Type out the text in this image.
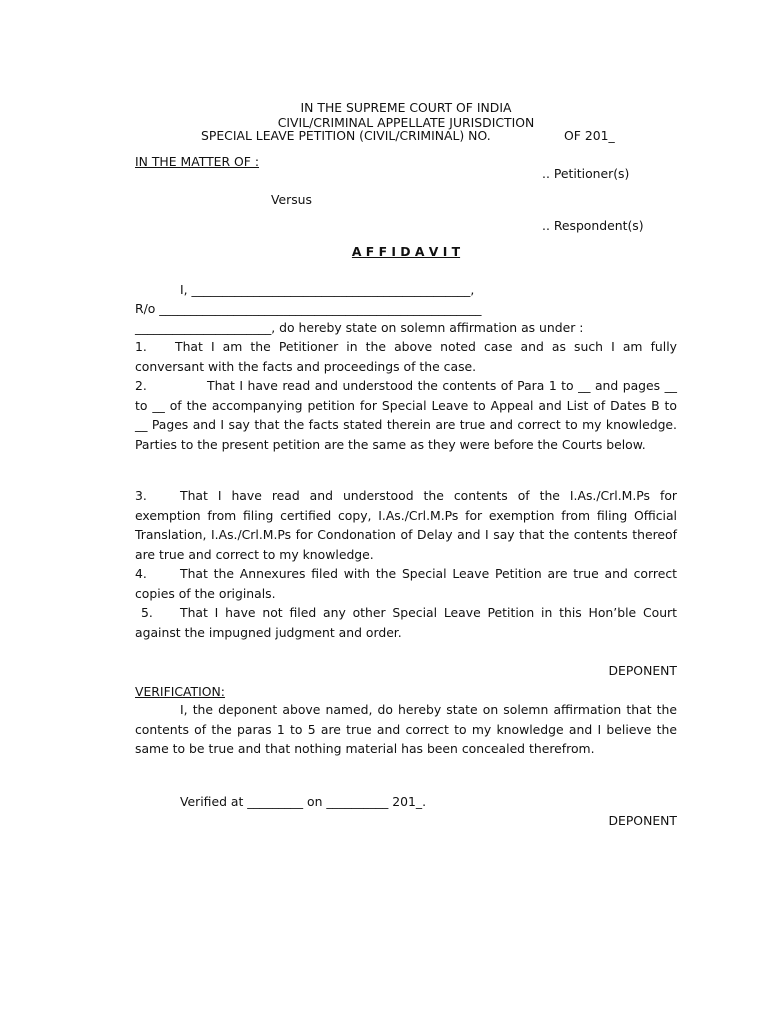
IN THE SUPREME COURT OF INDIA
CIVIL/CRIMINAL APPELLATE JURISDICTION
SPECIAL LEAVE PETITION (CIVIL/CRIMINAL) NO.	OF 201_
IN THE MATTER OF :
.. Petitioner(s)
Versus
.. Respondent(s)
A F F I D A V I T
I, _____________________________________________,
R/o ____________________________________________________
______________________, do hereby state on solemn affirmation as under :
1. That I am the Petitioner in the above noted case and as such I am fully conversant with the facts and proceedings of the case.
2.	That I have read and understood the contents of Para 1 to __ and pages __ to __ of the accompanying petition for Special Leave to Appeal and List of Dates B to __ Pages and I say that the facts stated therein are true and correct to my knowledge. Parties to the present petition are the same as they were before the Courts below.
3.	That I have read and understood the contents of the I.As./Crl.M.Ps for exemption from filing certified copy, I.As./Crl.M.Ps for exemption from filing Official Translation, I.As./Crl.M.Ps for Condonation of Delay and I say that the contents thereof are true and correct to my knowledge.
4.	That the Annexures filed with the Special Leave Petition are true and correct copies of the originals.
5. That I have not filed any other Special Leave Petition in this Hon’ble Court against the impugned judgment and order.
DEPONENT
VERIFICATION:
I, the deponent above named, do hereby state on solemn affirmation that the contents of the paras 1 to 5 are true and correct to my knowledge and I believe the same to be true and that nothing material has been concealed therefrom.
Verified at _________ on __________ 201_.
DEPONENT
